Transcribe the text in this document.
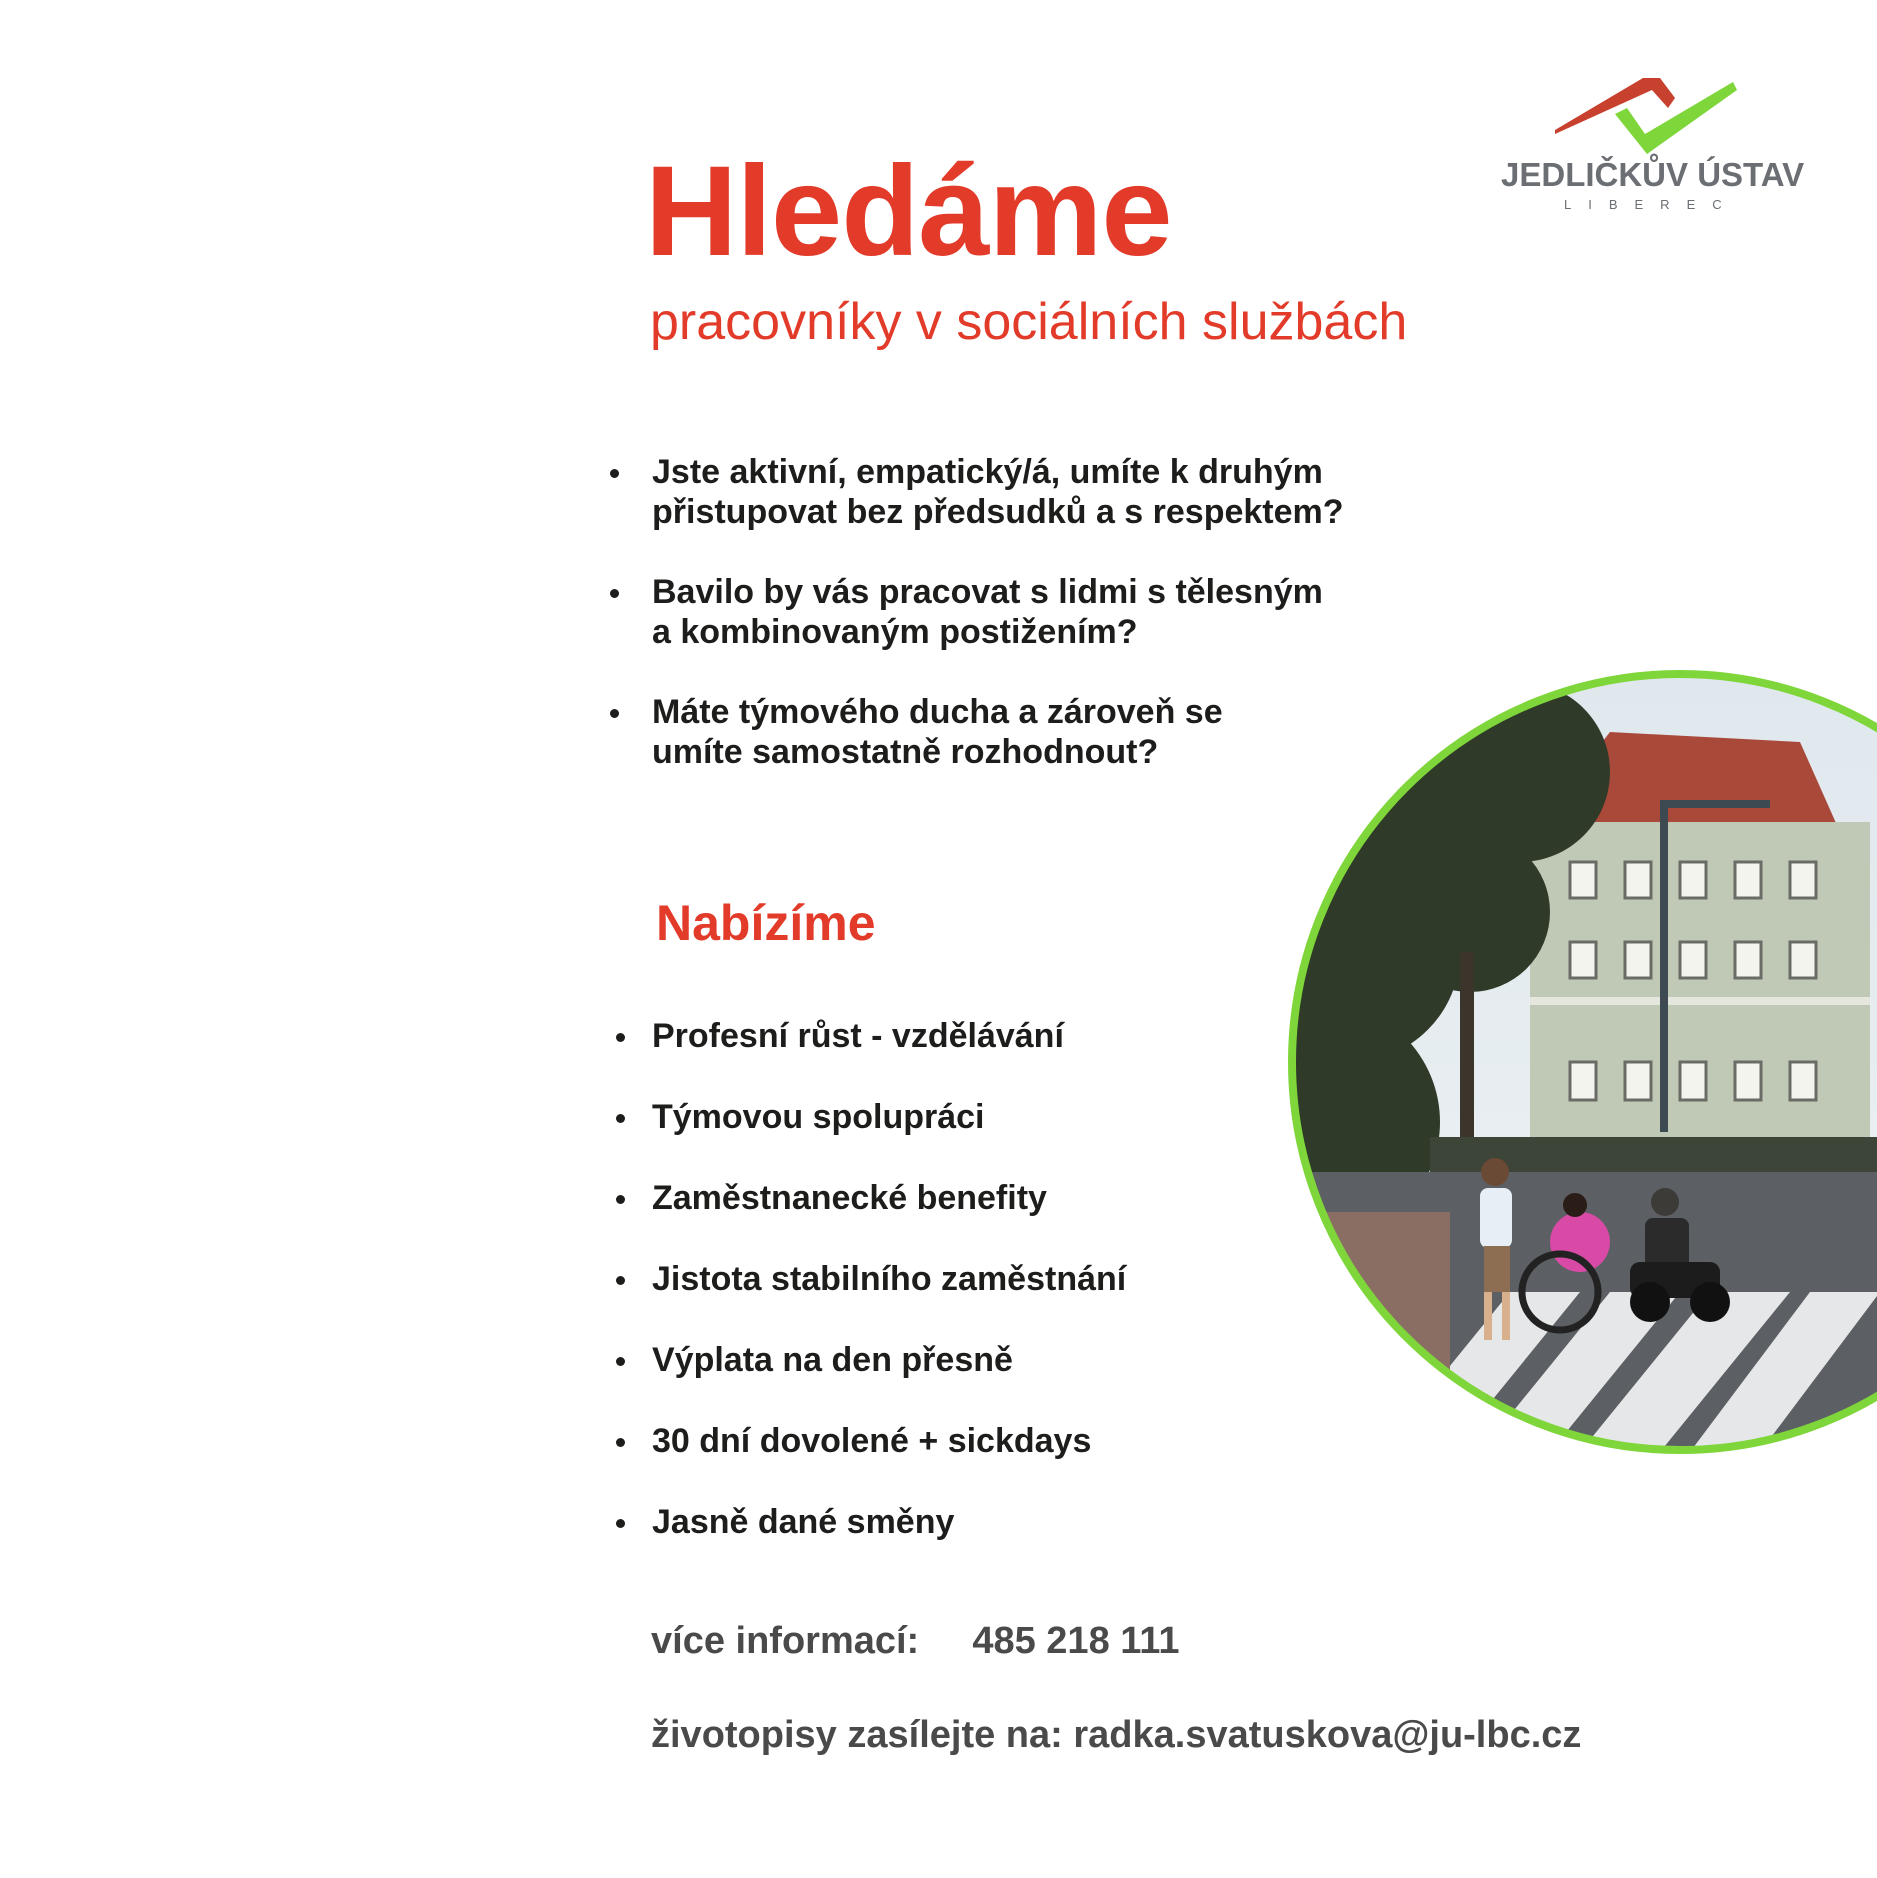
JEDLIČKŮV ÚSTAV
LIBEREC
Hledáme
pracovníky v sociálních službách
Jste aktivní, empatický/á, umíte k druhým
přistupovat bez předsudků a s respektem?
Bavilo by vás pracovat s lidmi s tělesným
a kombinovaným postižením?
Máte týmového ducha a zároveň se
umíte samostatně rozhodnout?
Nabízíme
Profesní růst - vzdělávání
Týmovou spolupráci
Zaměstnanecké benefity
Jistota stabilního zaměstnání
Výplata na den přesně
30 dní dovolené + sickdays
Jasně dané směny
více informací: 485 218 111
životopisy zasílejte na: radka.svatuskova@ju-lbc.cz
